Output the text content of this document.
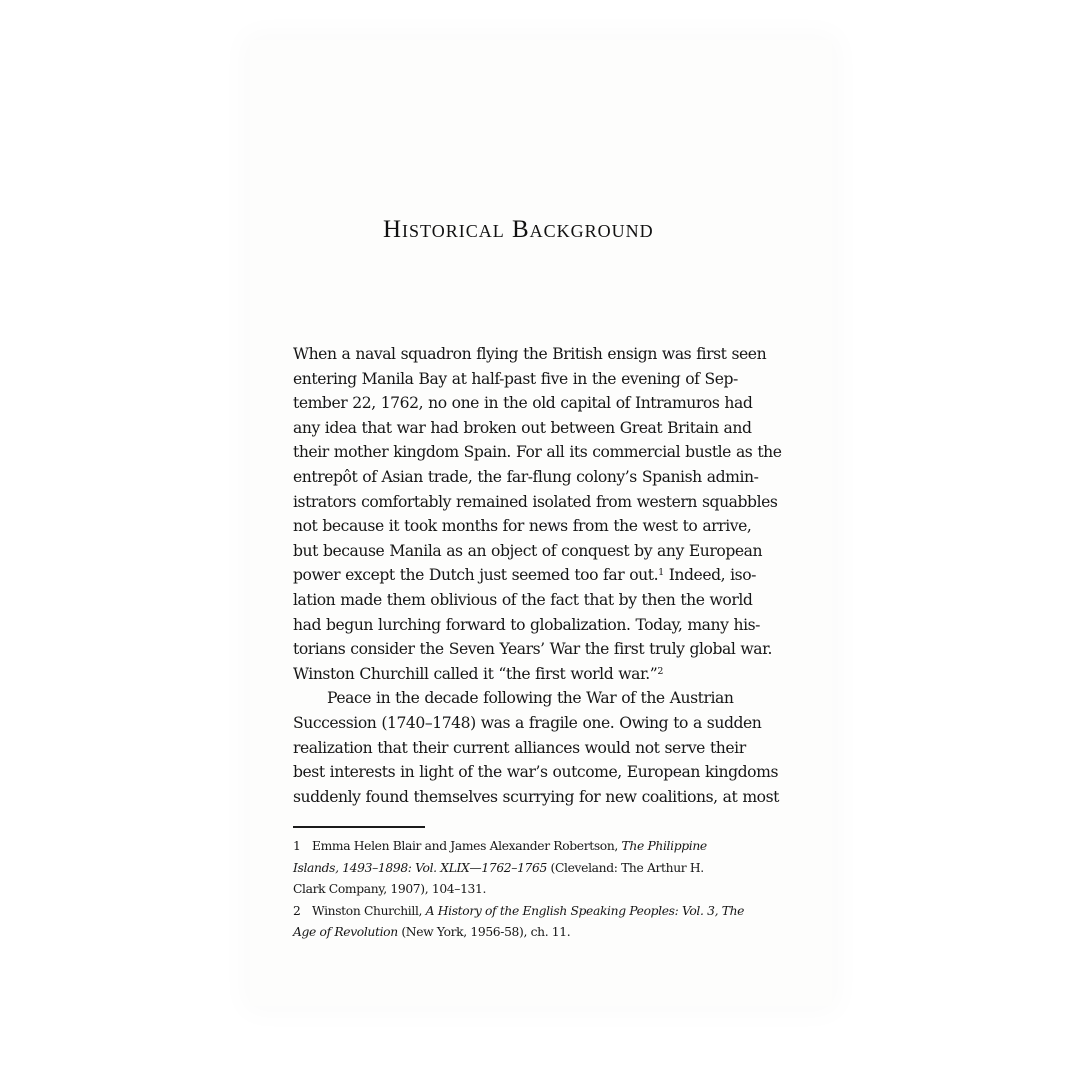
Historical Background
When a naval squadron flying the British ensign was first seen
entering Manila Bay at half-past five in the evening of Sep-
tember 22, 1762, no one in the old capital of Intramuros had
any idea that war had broken out between Great Britain and
their mother kingdom Spain. For all its commercial bustle as the
entrepôt of Asian trade, the far-flung colony’s Spanish admin-
istrators comfortably remained isolated from western squabbles
not because it took months for news from the west to arrive,
but because Manila as an object of conquest by any European
power except the Dutch just seemed too far out.$^1$ Indeed, iso-
lation made them oblivious of the fact that by then the world
had begun lurching forward to globalization. Today, many his-
torians consider the Seven Years’ War the first truly global war.
Winston Churchill called it “the first world war.”$^2$
Peace in the decade following the War of the Austrian
Succession (1740–1748) was a fragile one. Owing to a sudden
realization that their current alliances would not serve their
best interests in light of the war’s outcome, European kingdoms
suddenly found themselves scurrying for new coalitions, at most
1 Emma Helen Blair and James Alexander Robertson, The Philippine
Islands, 1493–1898: Vol. XLIX—1762–1765 (Cleveland: The Arthur H.
Clark Company, 1907), 104–131.
2 Winston Churchill, A History of the English Speaking Peoples: Vol. 3, The
Age of Revolution (New York, 1956-58), ch. 11.
